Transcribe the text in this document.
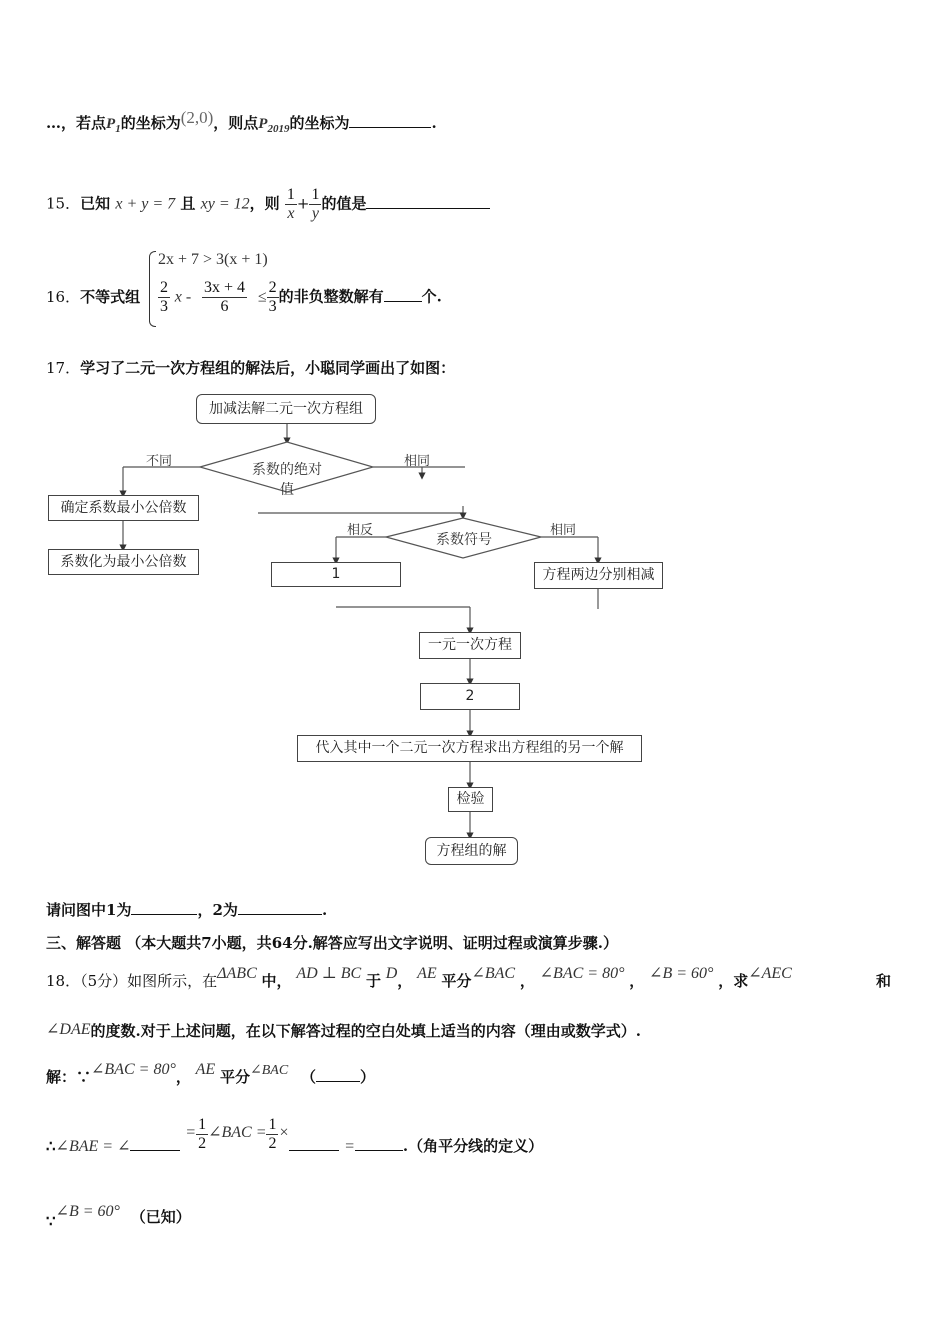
…，若点$P_1$的坐标为(2,0)，则点$P_{2019}$的坐标为	.
15．已知 x + y = 7 且 xy = 12，则 $\frac{1}{x} + \frac{1}{y}$ 的值是
16．不等式组
2x + 7 > 3(x + 1)
$\frac{2}{3}$ $x - \frac{3x + 4}{6} \le \frac{2}{3}$ 的非负整数解有	个.
17．学习了二元一次方程组的解法后，小聪同学画出了如图：
加减法解二元一次方程组
系数的绝对值
不同	相同
确定系数最小公倍数
系数化为最小公倍数
系数符号
相反	相同
1	方程两边分别相减
一元一次方程
2
代入其中一个二元一次方程求出方程组的另一个解
检验
方程组的解
请问图中1为	，2为	.
三、解答题 （本大题共7小题，共64分.解答应写出文字说明、证明过程或演算步骤.）
18．（5分）如图所示，在ΔABC 中， AD ⊥ BC 于 D， AE 平分∠BAC ， ∠BAC = 80° ， ∠B = 60° ，求∠AEC	和
∠DAE的度数.对于上述问题，在以下解答过程的空白处填上适当的内容（理由或数学式）.
解：∵∠BAC = 80°， AE 平分∠BAC （	）
∴∠BAE = ∠ = $\frac{1}{2}$ ∠BAC = $\frac{1}{2}$ × =	.（角平分线的定义）
∵∠B = 60° （已知）
